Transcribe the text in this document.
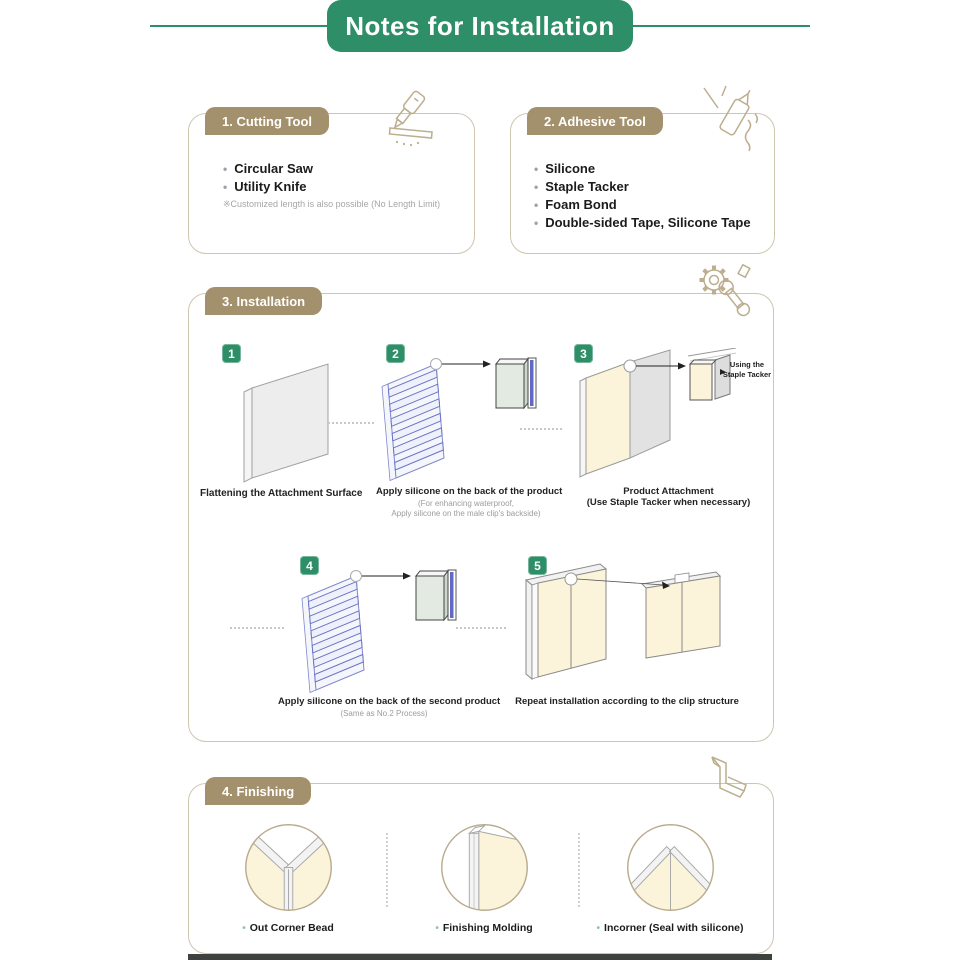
Notes for Installation
1. Cutting Tool
• Circular Saw
• Utility Knife
※Customized length is also possible (No Length Limit)
2. Adhesive Tool
• Silicone
• Staple Tacker
• Foam Bond
• Double-sided Tape, Silicone Tape
3. Installation
1
Flattening the Attachment Surface
2
Apply silicone on the back of the product
(For enhancing waterproof,
Apply silicone on the male clip's backside)
3
Using the
Staple Tacker
Product Attachment
(Use Staple Tacker when necessary)
4
Apply silicone on the back of the second product
(Same as No.2 Process)
5
Repeat installation according to the clip structure
4. Finishing
• Out Corner Bead	• Finishing Molding	• Incorner (Seal with silicone)
